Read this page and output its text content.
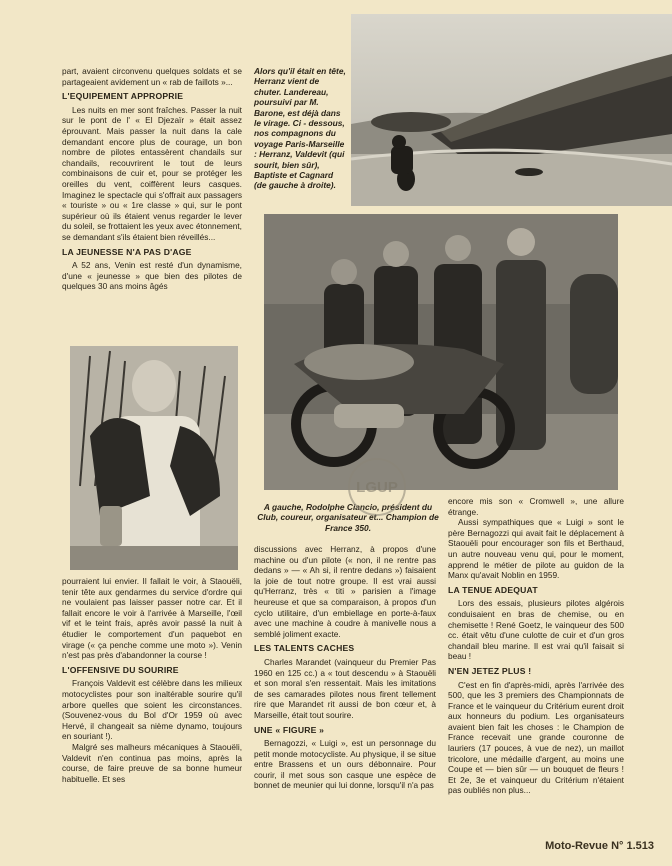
part, avaient circonvenu quelques soldats et se partageaient avidement un « rab de faillots »...

L'EQUIPEMENT APPROPRIE

Les nuits en mer sont fraîches. Passer la nuit sur le pont de l' « El Djezaïr » était assez éprouvant. Mais passer la nuit dans la cale demandant encore plus de courage, un bon nombre de pilotes entassèrent chandails sur chandails, recouvrirent le tout de leurs combinaisons de cuir et, pour se protéger les oreilles du vent, coiffèrent leurs casques. Imaginez le spectacle qui s'offrait aux passagers « touriste » ou « 1re classe » qui, sur le pont supérieur où ils étaient venus regarder le lever du soleil, se frottaient les yeux avec étonnement, se demandant s'ils étaient bien réveillés...

LA JEUNESSE N'A PAS D'AGE

A 52 ans, Venin est resté d'un dynamisme, d'une « jeunesse » que bien des pilotes de quelques 30 ans moins âgés

Alors qu'il était en tête, Herranz vient de chuter. Landereau, poursuivi par M. Barone, est déjà dans le virage. Ci - dessous, nos compagnons du voyage Paris-Marseille : Herranz, Valdevit (qui sourit, bien sûr), Baptiste et Cagnard (de gauche à droite).
A gauche, Rodolphe Ciancio, président du Club, coureur, organisateur et... Champion de France 350.

pourraient lui envier. Il fallait le voir, à Staouëli, tenir tête aux gendarmes du service d'ordre qui ne voulaient pas laisser passer notre car. Et il fallait encore le voir à l'arrivée à Marseille, l'œil vif et le teint frais, après avoir passé la nuit à étudier le comportement d'un paquebot en virage (« ça penche comme une moto »). Venin n'est pas près d'abandonner la course !

L'OFFENSIVE DU SOURIRE

François Valdevit est célèbre dans les milieux motocyclistes pour son inaltérable sourire qu'il arbore quelles que soient les circonstances. (Souvenez-vous du Bol d'Or 1959 où avec Hervé, il changeait sa nième dynamo, toujours en souriant !).

Malgré ses malheurs mécaniques à Staouëli, Valdevit n'en continua pas moins, après la course, de faire preuve de sa bonne humeur habituelle. Et ses

discussions avec Herranz, à propos d'une machine ou d'un pilote (« non, il ne rentre pas dedans » — « Ah si, il rentre dedans ») faisaient la joie de tout notre groupe. Il est vrai aussi qu'Herranz, très « titi » parisien a l'image heureuse et que sa comparaison, à propos d'un cyclo utilitaire, d'un embiellage en porte-à-faux avec une machine à coudre à manivelle nous a semblé joliment exacte.

LES TALENTS CACHES

Charles Marandet (vainqueur du Premier Pas 1960 en 125 cc.) a « tout descendu » à Staouëli et son moral s'en ressentait. Mais les imitations de ses camarades pilotes nous firent tellement rire que Marandet rit aussi de bon cœur et, à Marseille, était tout sourire.

UNE « FIGURE »

Bernagozzi, « Luigi », est un personnage du petit monde motocycliste. Au physique, il se situe entre Brassens et un ours débonnaire. Pour courir, il met sous son casque une espèce de bonnet de meunier qui lui donne, lorsqu'il n'a pas

encore mis son « Cromwell », une allure étrange.

Aussi sympathiques que « Luigi » sont le père Bernagozzi qui avait fait le déplacement à Staouëli pour encourager son fils et Berthaud, un autre nouveau venu qui, pour le moment, apprend le métier de pilote au guidon de la Manx qu'avait Noblin en 1959.

LA TENUE ADEQUAT

Lors des essais, plusieurs pilotes algérois conduisaient en bras de chemise, ou en chemisette ! René Goetz, le vainqueur des 500 cc. était vêtu d'une culotte de cuir et d'un gros chandail bleu marine. Il est vrai qu'il faisait si beau !

N'EN JETEZ PLUS !

C'est en fin d'après-midi, après l'arrivée des 500, que les 3 premiers des Championnats de France et le vainqueur du Critérium eurent droit aux honneurs du podium. Les organisateurs avaient bien fait les choses : le Champion de France recevait une grande couronne de lauriers (17 pouces, à vue de nez), un maillot tricolore, une médaille d'argent, au moins une Coupe et — bien sûr — un bouquet de fleurs ! Et 2e, 3e et vainqueur du Critérium n'étaient pas oubliés non plus...

LGUP
Moto-Revue N° 1.513
